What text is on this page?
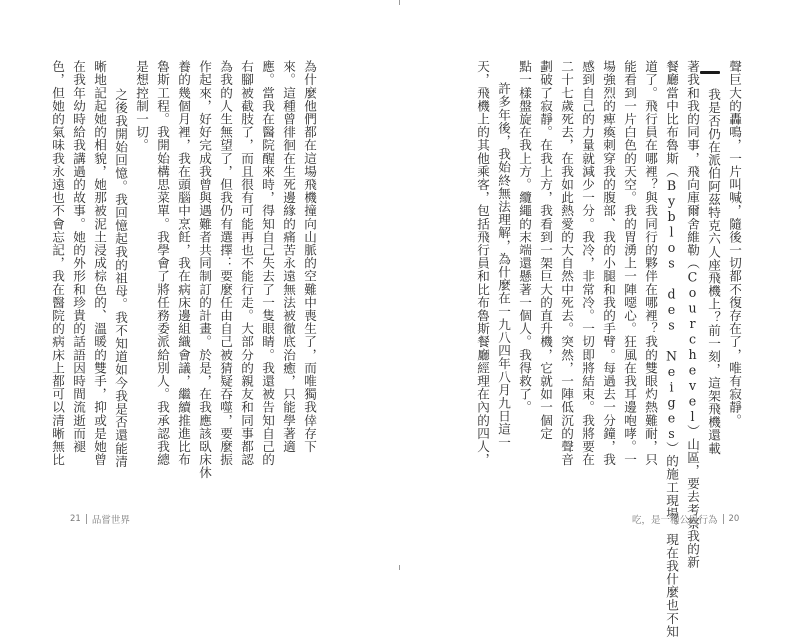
為什麼他們都在這場飛機撞向山脈的空難中喪生了，而唯獨我倖存下
來。這種曾徘徊在生死邊緣的痛苦永遠無法被徹底治癒，只能學著適
應。當我在醫院醒來時，得知自己失去了一隻眼睛。我還被告知自己的
右腳被截肢了，而且很有可能再也不能行走。大部分的親友和同事都認
為我的人生無望了，但我仍有選擇：要麼任由自己被猜疑吞噬，要麼振
作起來，好好完成我曾與遇難者共同制訂的計畫。於是，在我應該臥床休
養的幾個月裡，我在頭腦中烹飪，我在病床邊組織會議，繼續推進比布
魯斯工程。我開始構思菜單。我學會了將任務委派給別人。我承認我總
是想控制一切。
之後我開始回憶。我回憶起我的祖母。我不知道如今我是否還能清
晰地記起她的相貌，她那被泥土浸成棕色的、溫暖的雙手，抑或是她曾
在我年幼時給我講過的故事。她的外形和珍貴的話語因時間流逝而褪
色，但她的氣味我永遠也不會忘記，我在醫院的病床上都可以清晰無比
21 品嘗世界
聲巨大的轟鳴，一片叫喊，隨後一切都不復存在了，唯有寂靜。
我是否仍在派伯阿茲特克六人座飛機上？前一刻，這架飛機還載
著我和我的同事，飛向庫爾舍維勒（Courchevel）山區，要去考察我的新
餐廳當中比布魯斯（Byblos des Neiges）的施工現場。現在我什麼也不知
道了。飛行員在哪裡？與我同行的夥伴在哪裡？我的雙眼灼熱難耐，只
能看到一片白色的天空。我的胃湧上一陣噁心。狂風在我耳邊咆哮。一
場強烈的痺瘓刺穿我的腹部、我的小腿和我的手臂。每過去一分鐘，我
感到自己的力量就減少一分。我冷，非常冷。一切即將結束。我將要在
二十七歲死去，在我如此熱愛的大自然中死去。突然，一陣低沉的聲音
劃破了寂靜。在我上方，我看到一架巨大的直升機，它就如一個定
點一樣盤旋在我上方。纜繩的末端還懸著一個人。我得救了。
許多年後，我始終無法理解，為什麼在一九八四年八月九日這一
天，飛機上的其他乘客，包括飛行員和比布魯斯餐廳經理在內的四人，
吃，是一種公民行為 20
